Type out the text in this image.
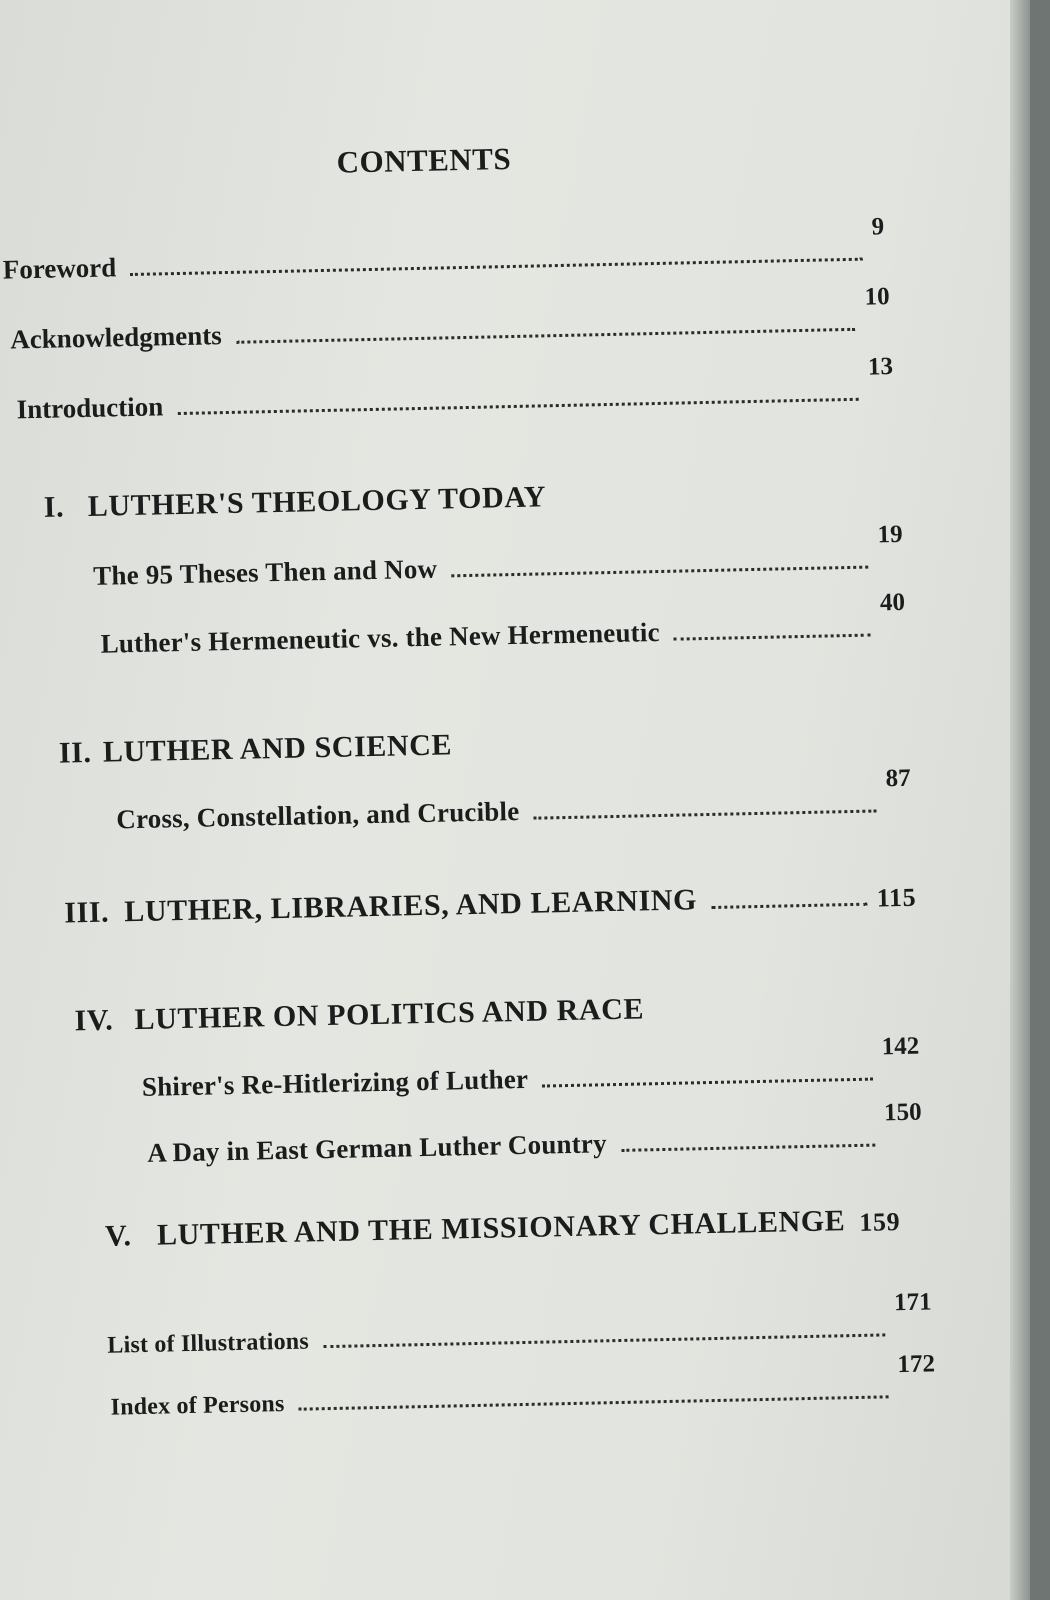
CONTENTS
Foreword
9
Acknowledgments
10
Introduction
13
I. LUTHER'S THEOLOGY TODAY
The 95 Theses Then and Now
19
Luther's Hermeneutic vs. the New Hermeneutic
40
II. LUTHER AND SCIENCE
Cross, Constellation, and Crucible
87
III. LUTHER, LIBRARIES, AND LEARNING	115
IV. LUTHER ON POLITICS AND RACE
Shirer's Re-Hitlerizing of Luther
142
A Day in East German Luther Country
150
V. LUTHER AND THE MISSIONARY CHALLENGE 159
List of Illustrations
171
Index of Persons
172
